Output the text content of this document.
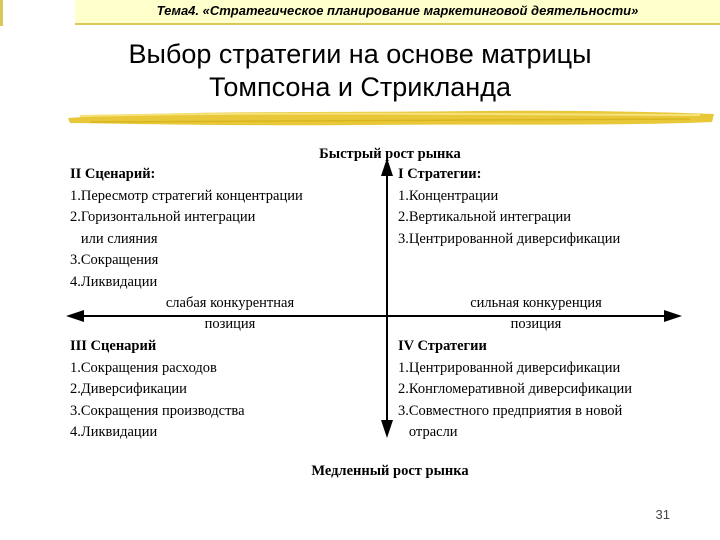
Тема4. «Стратегическое планирование маркетинговой деятельности»
Выбор стратегии на основе матрицы
Томпсона и Стрикланда
Быстрый рост рынка
II Сценарий:
1.Пересмотр стратегий концентрации
2.Горизонтальной интеграции
или слияния
3.Сокращения
4.Ликвидации
I Стратегии:
1.Концентрации
2.Вертикальной интеграции
3.Центрированной диверсификации
слабая конкурентная
позиция
сильная конкуренция
позиция
III Сценарий
1.Сокращения расходов
2.Диверсификации
3.Сокращения производства
4.Ликвидации
IV Стратегии
1.Центрированной диверсификации
2.Конгломеративной диверсификации
3.Совместного предприятия в новой
отрасли
Медленный рост рынка
31
